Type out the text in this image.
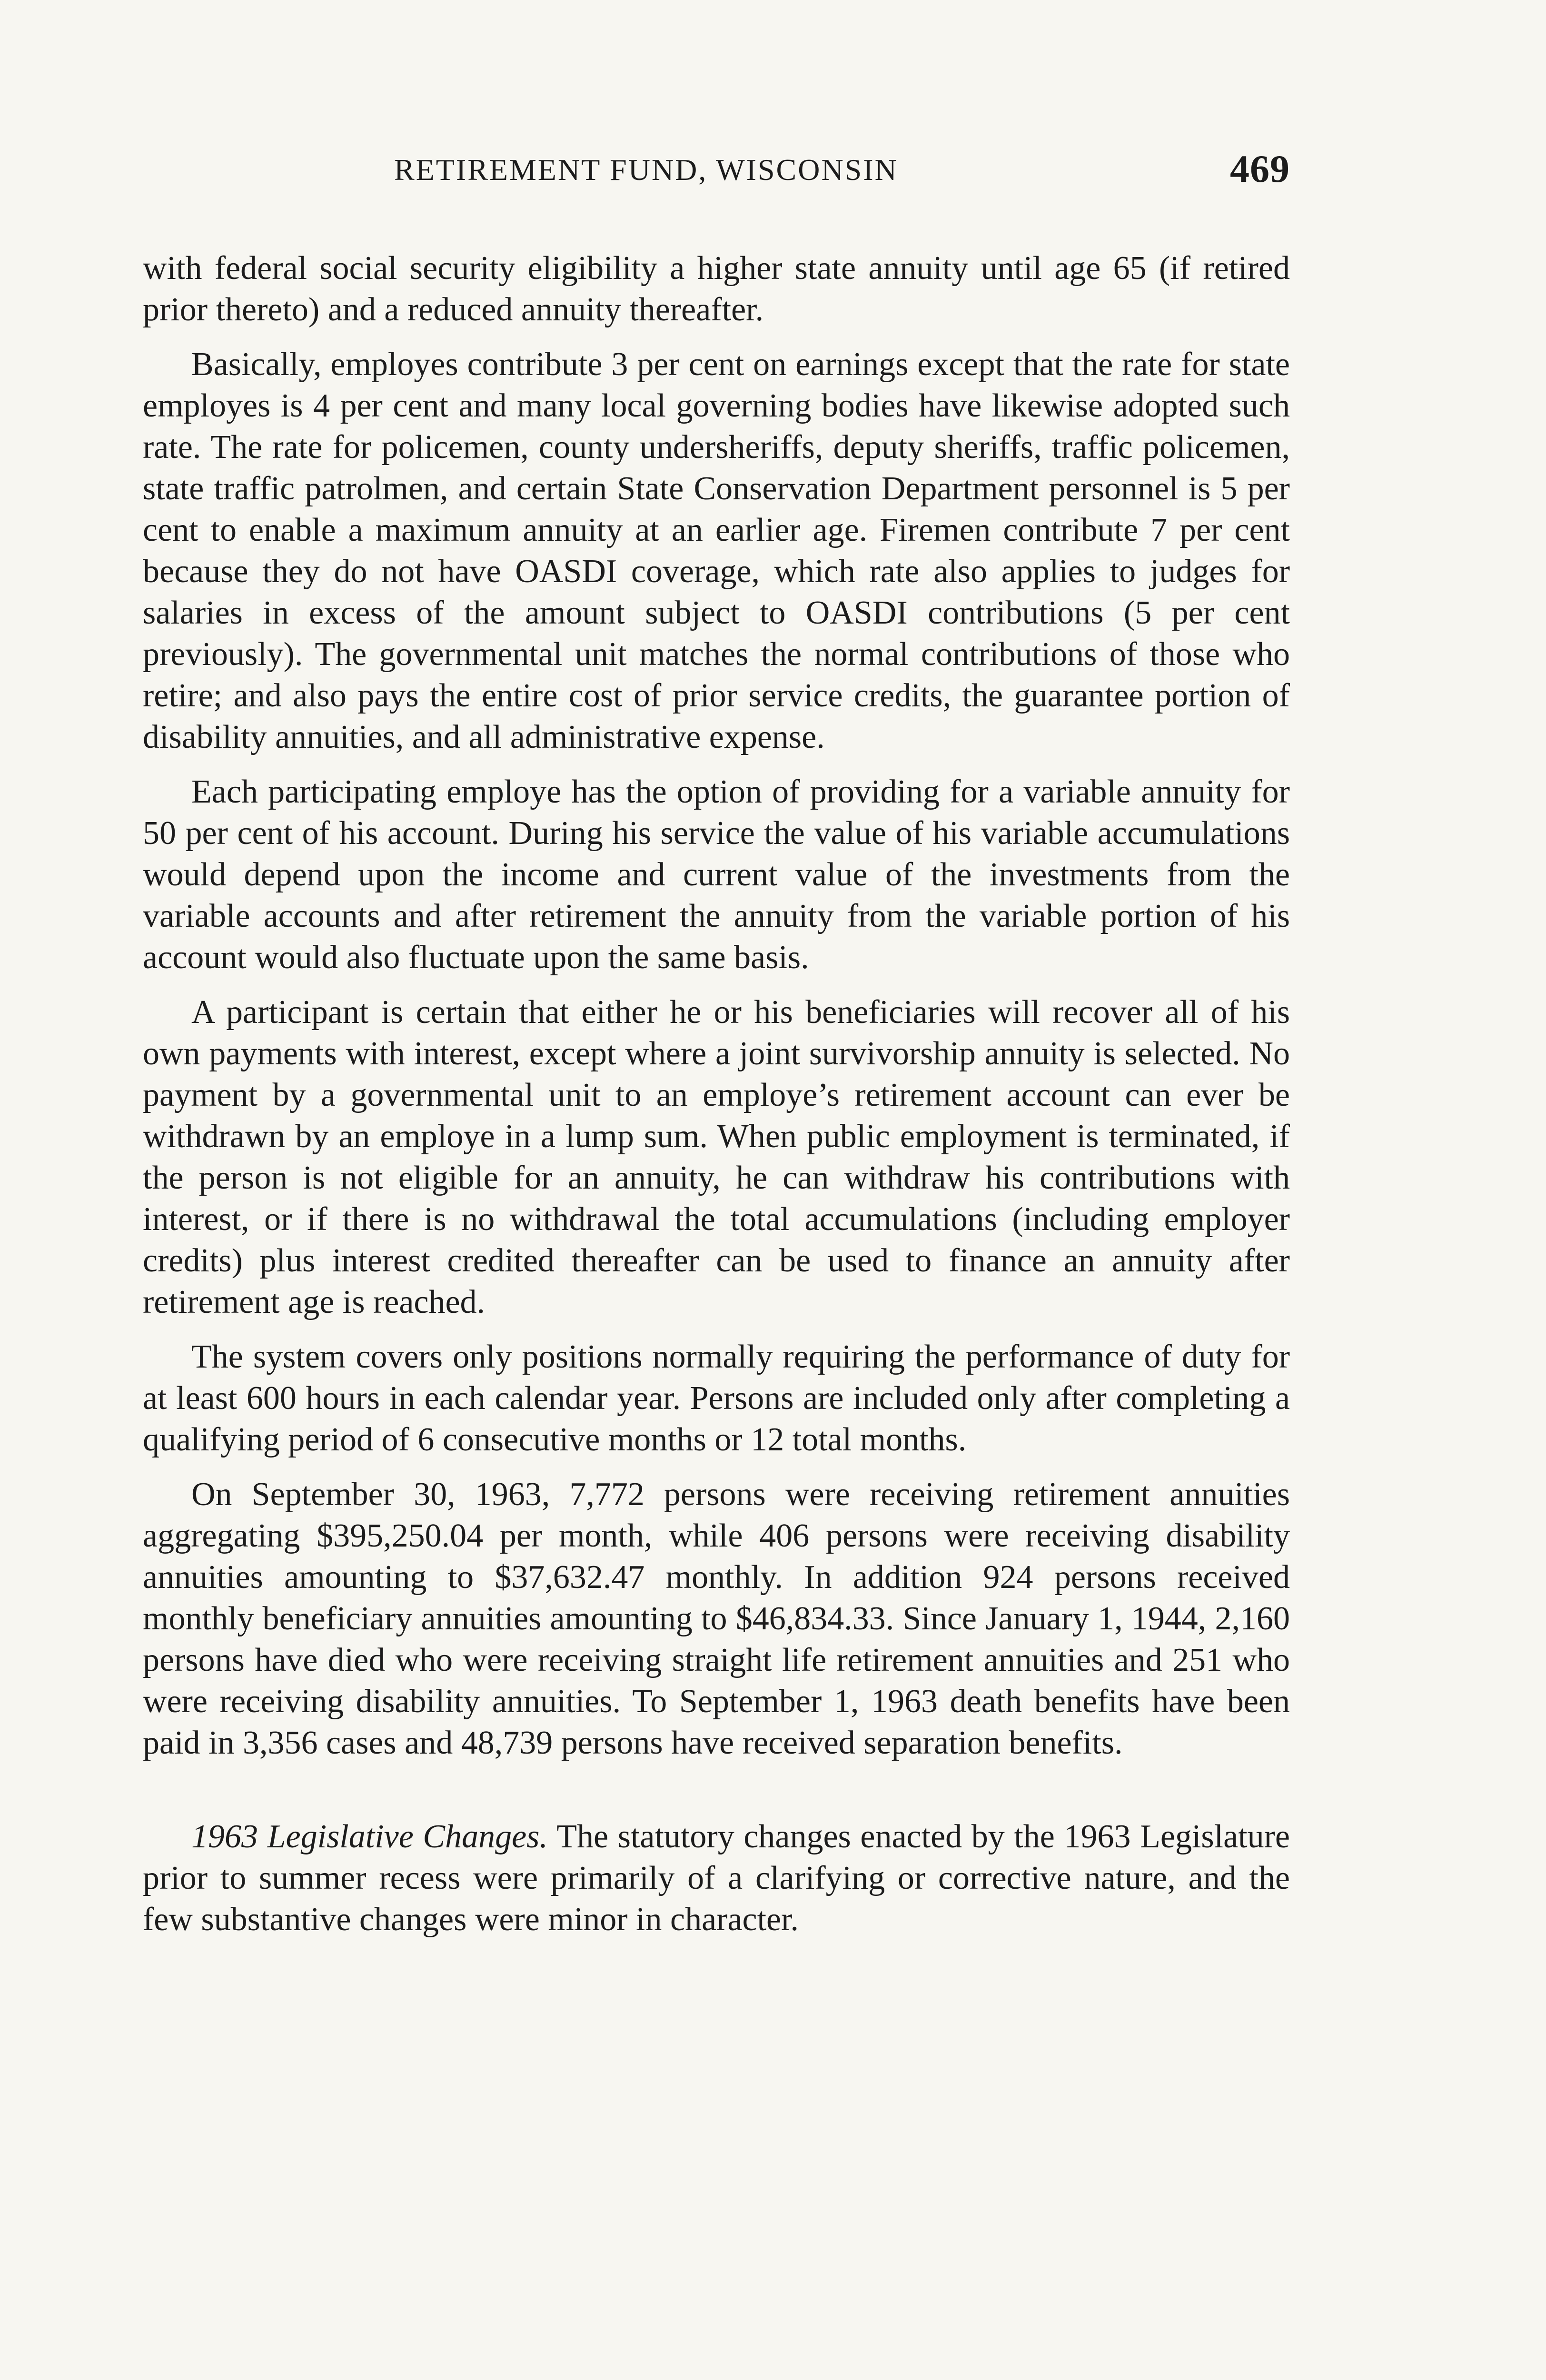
RETIREMENT FUND, WISCONSIN	469

with federal social security eligibility a higher state annuity until age 65 (if retired prior thereto) and a reduced annuity thereafter.

Basically, employes contribute 3 per cent on earnings except that the rate for state employes is 4 per cent and many local governing bodies have likewise adopted such rate. The rate for policemen, county undersheriffs, deputy sheriffs, traffic policemen, state traffic patrolmen, and certain State Conservation Department personnel is 5 per cent to enable a maximum annuity at an earlier age. Firemen contribute 7 per cent because they do not have OASDI coverage, which rate also applies to judges for salaries in excess of the amount subject to OASDI contributions (5 per cent previously). The governmental unit matches the normal contributions of those who retire; and also pays the entire cost of prior service credits, the guarantee portion of disability annuities, and all administrative expense.

Each participating employe has the option of providing for a variable annuity for 50 per cent of his account. During his service the value of his variable accumulations would depend upon the income and current value of the investments from the variable accounts and after retirement the annuity from the variable portion of his account would also fluctuate upon the same basis.

A participant is certain that either he or his beneficiaries will recover all of his own payments with interest, except where a joint survivorship annuity is selected. No payment by a governmental unit to an employe’s retirement account can ever be withdrawn by an employe in a lump sum. When public employment is terminated, if the person is not eligible for an annuity, he can withdraw his contributions with interest, or if there is no withdrawal the total accumulations (including employer credits) plus interest credited thereafter can be used to finance an annuity after retirement age is reached.

The system covers only positions normally requiring the performance of duty for at least 600 hours in each calendar year. Persons are included only after completing a qualifying period of 6 consecutive months or 12 total months.

On September 30, 1963, 7,772 persons were receiving retirement annuities aggregating $395,250.04 per month, while 406 persons were receiving disability annuities amounting to $37,632.47 monthly. In addition 924 persons received monthly beneficiary annuities amounting to $46,834.33. Since January 1, 1944, 2,160 persons have died who were receiving straight life retirement annuities and 251 who were receiving disability annuities. To September 1, 1963 death benefits have been paid in 3,356 cases and 48,739 persons have received separation benefits.

1963 Legislative Changes. The statutory changes enacted by the 1963 Legislature prior to summer recess were primarily of a clarifying or corrective nature, and the few substantive changes were minor in character.
